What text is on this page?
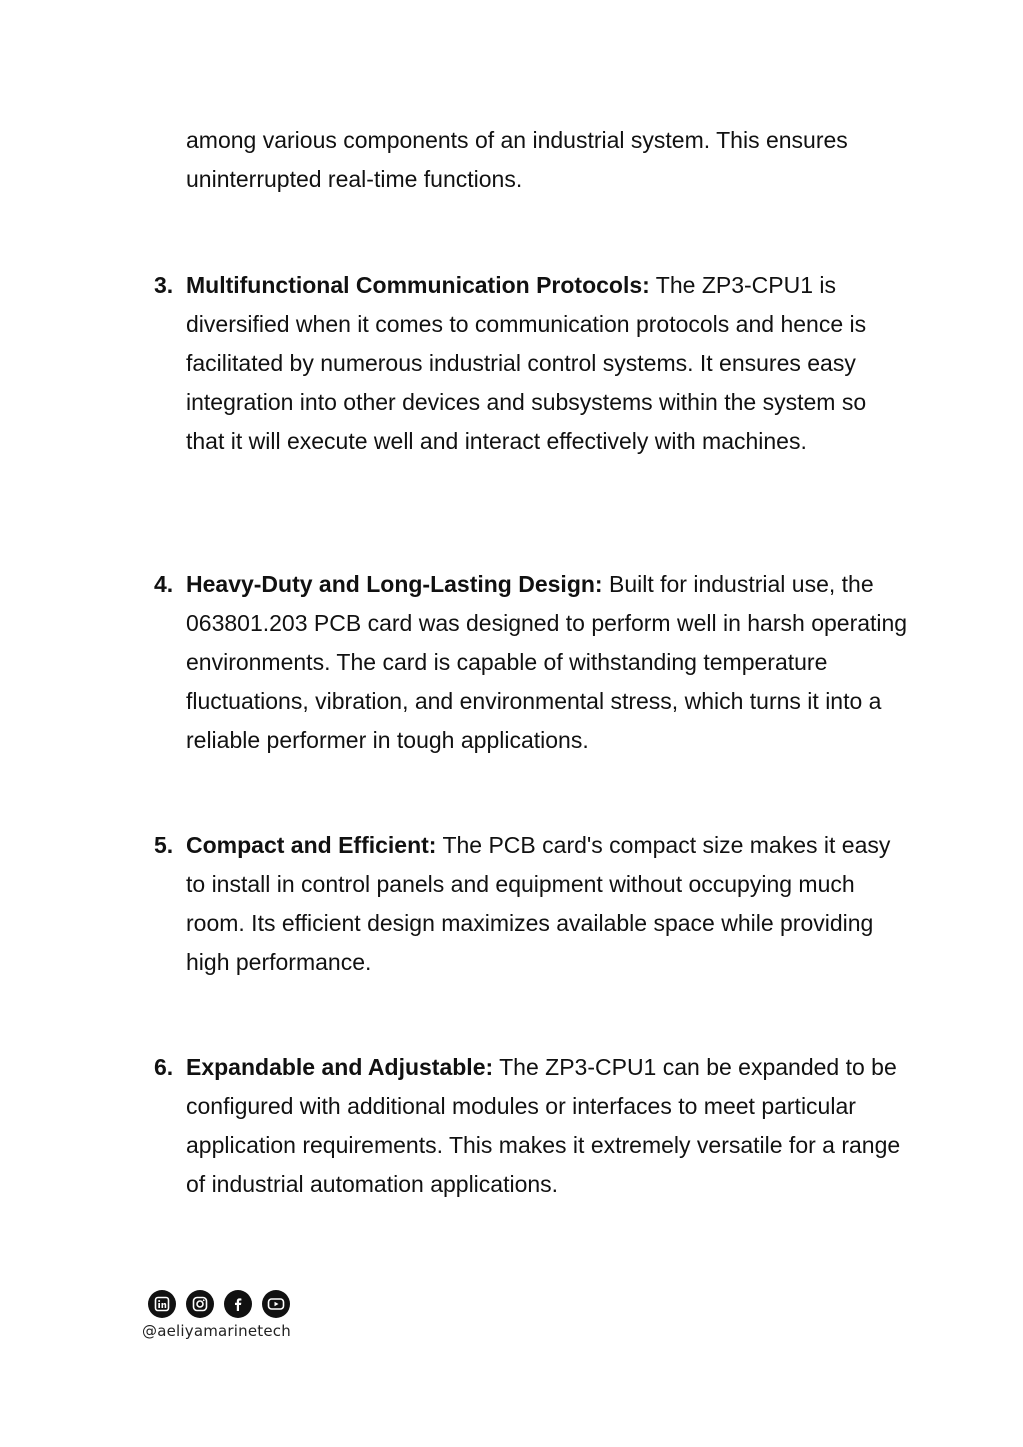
among various components of an industrial system. This ensures uninterrupted real-time functions.
3. Multifunctional Communication Protocols: The ZP3-CPU1 is diversified when it comes to communication protocols and hence is facilitated by numerous industrial control systems. It ensures easy integration into other devices and subsystems within the system so that it will execute well and interact effectively with machines.
4. Heavy-Duty and Long-Lasting Design: Built for industrial use, the 063801.203 PCB card was designed to perform well in harsh operating environments. The card is capable of withstanding temperature fluctuations, vibration, and environmental stress, which turns it into a reliable performer in tough applications.
5. Compact and Efficient: The PCB card's compact size makes it easy to install in control panels and equipment without occupying much room. Its efficient design maximizes available space while providing high performance.
6. Expandable and Adjustable: The ZP3-CPU1 can be expanded to be configured with additional modules or interfaces to meet particular application requirements. This makes it extremely versatile for a range of industrial automation applications.
@aeliyamarinetech
